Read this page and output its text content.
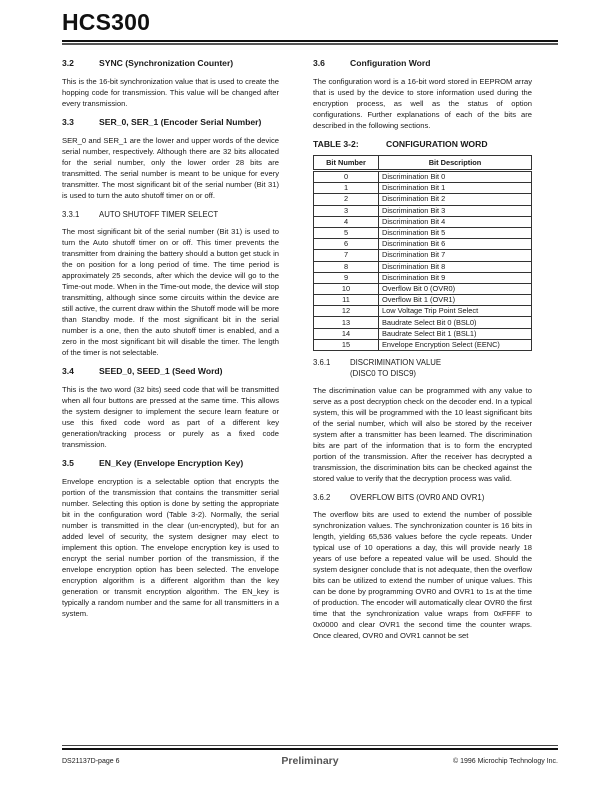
HCS300
3.2	SYNC (Synchronization Counter)

This is the 16-bit synchronization value that is used to create the hopping code for transmission. This value will be changed after every transmission.

3.3	SER_0, SER_1 (Encoder Serial Number)

SER_0 and SER_1 are the lower and upper words of the device serial number, respectively. Although there are 32 bits allocated for the serial number, only the lower order 28 bits are transmitted. The serial number is meant to be unique for every transmitter. The most significant bit of the serial number (Bit 31) is used to turn the auto shutoff timer on or off.

3.3.1	AUTO SHUTOFF TIMER SELECT

The most significant bit of the serial number (Bit 31) is used to turn the Auto shutoff timer on or off. This timer prevents the transmitter from draining the battery should a button get stuck in the on position for a long period of time. The time period is approximately 25 seconds, after which the device will go to the Time-out mode. When in the Time-out mode, the device will stop transmitting, although since some circuits within the device are still active, the current draw within the Shutoff mode will be more than Standby mode. If the most significant bit in the serial number is a one, then the auto shutoff timer is enabled, and a zero in the most significant bit will disable the timer. The length of the timer is not selectable.

3.4	SEED_0, SEED_1 (Seed Word)

This is the two word (32 bits) seed code that will be transmitted when all four buttons are pressed at the same time. This allows the system designer to implement the secure learn feature or use this fixed code word as part of a different key generation/tracking process or purely as a fixed code transmission.

3.5	EN_Key (Envelope Encryption Key)

Envelope encryption is a selectable option that encrypts the portion of the transmission that contains the transmitter serial number. Selecting this option is done by setting the appropriate bit in the configuration word (Table 3-2). Normally, the serial number is transmitted in the clear (un-encrypted), but for an added level of security, the system designer may elect to implement this option. The envelope encryption key is used to encrypt the serial number portion of the transmission, if the envelope encryption option has been selected. The envelope encryption algorithm is a different algorithm than the key generation or transmit encryption algorithm. The EN_key is typically a random number and the same for all transmitters in a system.

3.6	Configuration Word

The configuration word is a 16-bit word stored in EEPROM array that is used by the device to store information used during the encryption process, as well as the status of option configurations. Further explanations of each of the bits are described in the following sections.

TABLE 3-2:	CONFIGURATION WORD
Bit Number	Bit Description
0	Discrimination Bit 0
1	Discrimination Bit 1
2	Discrimination Bit 2
3	Discrimination Bit 3
4	Discrimination Bit 4
5	Discrimination Bit 5
6	Discrimination Bit 6
7	Discrimination Bit 7
8	Discrimination Bit 8
9	Discrimination Bit 9
10	Overflow Bit 0 (OVR0)
11	Overflow Bit 1 (OVR1)
12	Low Voltage Trip Point Select
13	Baudrate Select Bit 0 (BSL0)
14	Baudrate Select Bit 1 (BSL1)
15	Envelope Encryption Select (EENC)
3.6.1	DISCRIMINATION VALUE (DISC0 TO DISC9)

The discrimination value can be programmed with any value to serve as a post decryption check on the decoder end. In a typical system, this will be programmed with the 10 least significant bits of the serial number, which will also be stored by the receiver system after a transmitter has been learned. The discrimination bits are part of the information that is to form the encrypted portion of the transmission. After the receiver has decrypted a transmission, the discrimination bits can be checked against the stored value to verify that the decryption process was valid.

3.6.2	OVERFLOW BITS (OVR0 AND OVR1)

The overflow bits are used to extend the number of possible synchronization values. The synchronization counter is 16 bits in length, yielding 65,536 values before the cycle repeats. Under typical use of 10 operations a day, this will provide nearly 18 years of use before a repeated value will be used. Should the system designer conclude that is not adequate, then the overflow bits can be utilized to extend the number of unique values. This can be done by programming OVR0 and OVR1 to 1s at the time of production. The encoder will automatically clear OVR0 the first time that the synchronization value wraps from 0xFFFF to 0x0000 and clear OVR1 the second time the counter wraps. Once cleared, OVR0 and OVR1 cannot be set

DS21137D-page 6	Preliminary	© 1996 Microchip Technology Inc.
